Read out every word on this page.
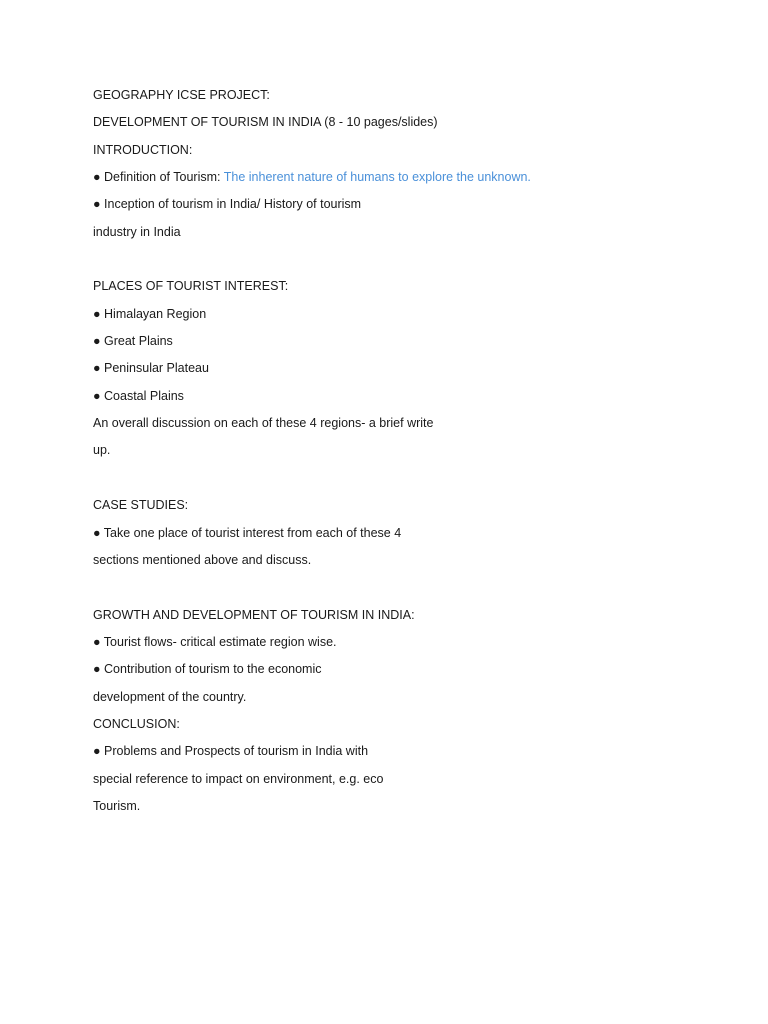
GEOGRAPHY ICSE PROJECT:
DEVELOPMENT OF TOURISM IN INDIA (8 - 10 pages/slides)
INTRODUCTION:
● Definition of Tourism: The inherent nature of humans to explore the unknown.
● Inception of tourism in India/ History of tourism
industry in India
PLACES OF TOURIST INTEREST:
● Himalayan Region
● Great Plains
● Peninsular Plateau
● Coastal Plains
An overall discussion on each of these 4 regions- a brief write
up.
CASE STUDIES:
● Take one place of tourist interest from each of these 4
sections mentioned above and discuss.
GROWTH AND DEVELOPMENT OF TOURISM IN INDIA:
● Tourist flows- critical estimate region wise.
● Contribution of tourism to the economic
development of the country.
CONCLUSION:
● Problems and Prospects of tourism in India with
special reference to impact on environment, e.g. eco
Tourism.
